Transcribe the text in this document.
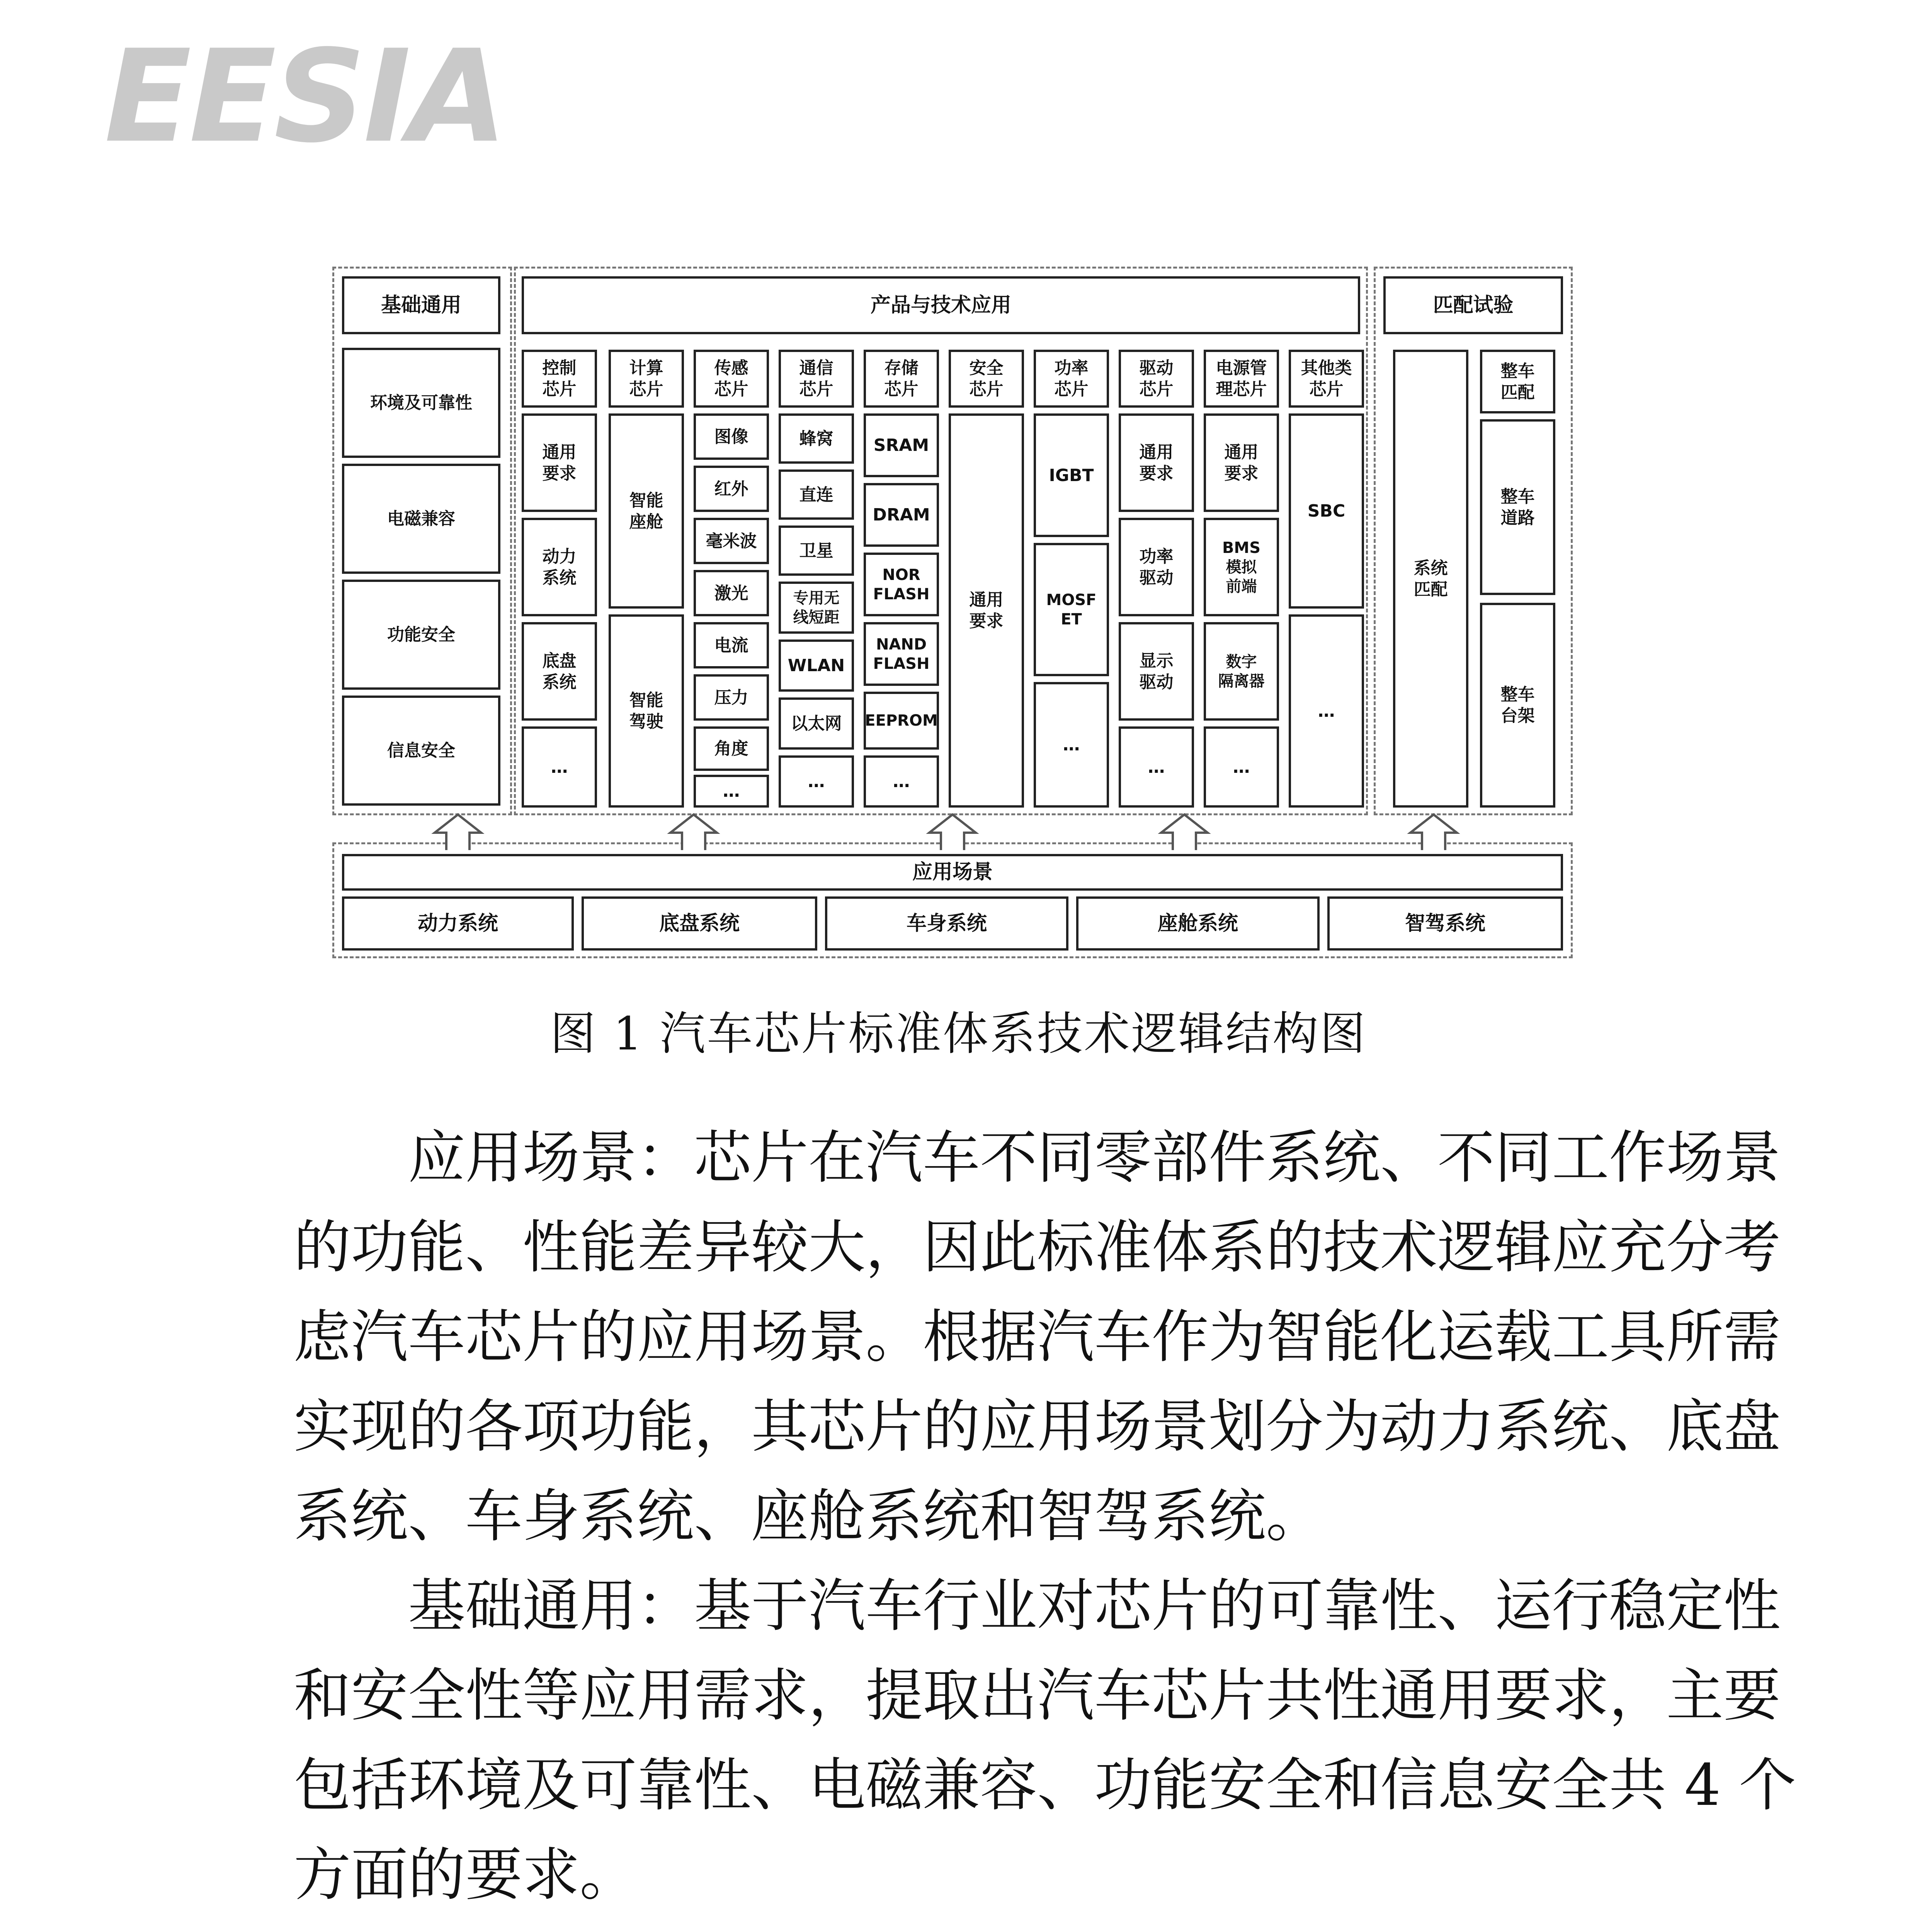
EESIA
基础通用
环境及可靠性
电磁兼容
功能安全
信息安全
产品与技术应用
控制
芯片
通用
要求
动力
系统
底盘
系统
…
计算
芯片
智能
座舱
智能
驾驶
传感
芯片
图像
红外
毫米波
激光
电流
压力
角度
…
通信
芯片
蜂窝
直连
卫星
专用无
线短距
WLAN
以太网
…
存储
芯片
SRAM
DRAM
NOR
FLASH
NAND
FLASH
EEPROM
…
安全
芯片
通用
要求
功率
芯片
IGBT
MOSF
ET
…
驱动
芯片
通用
要求
功率
驱动
显示
驱动
…
电源管
理芯片
通用
要求
BMS
模拟
前端
数字
隔离器
…
其他类
芯片
SBC
…
匹配试验
系统
匹配
整车
匹配
整车
道路
整车
台架
应用场景
动力系统	底盘系统	车身系统	座舱系统	智驾系统
图 1 汽车芯片标准体系技术逻辑结构图
应用场景：芯片在汽车不同零部件系统、不同工作场景
的功能、性能差异较大，因此标准体系的技术逻辑应充分考
虑汽车芯片的应用场景。根据汽车作为智能化运载工具所需
实现的各项功能，其芯片的应用场景划分为动力系统、底盘
系统、车身系统、座舱系统和智驾系统。
基础通用：基于汽车行业对芯片的可靠性、运行稳定性
和安全性等应用需求，提取出汽车芯片共性通用要求，主要
包括环境及可靠性、电磁兼容、功能安全和信息安全共 4 个
方面的要求。
